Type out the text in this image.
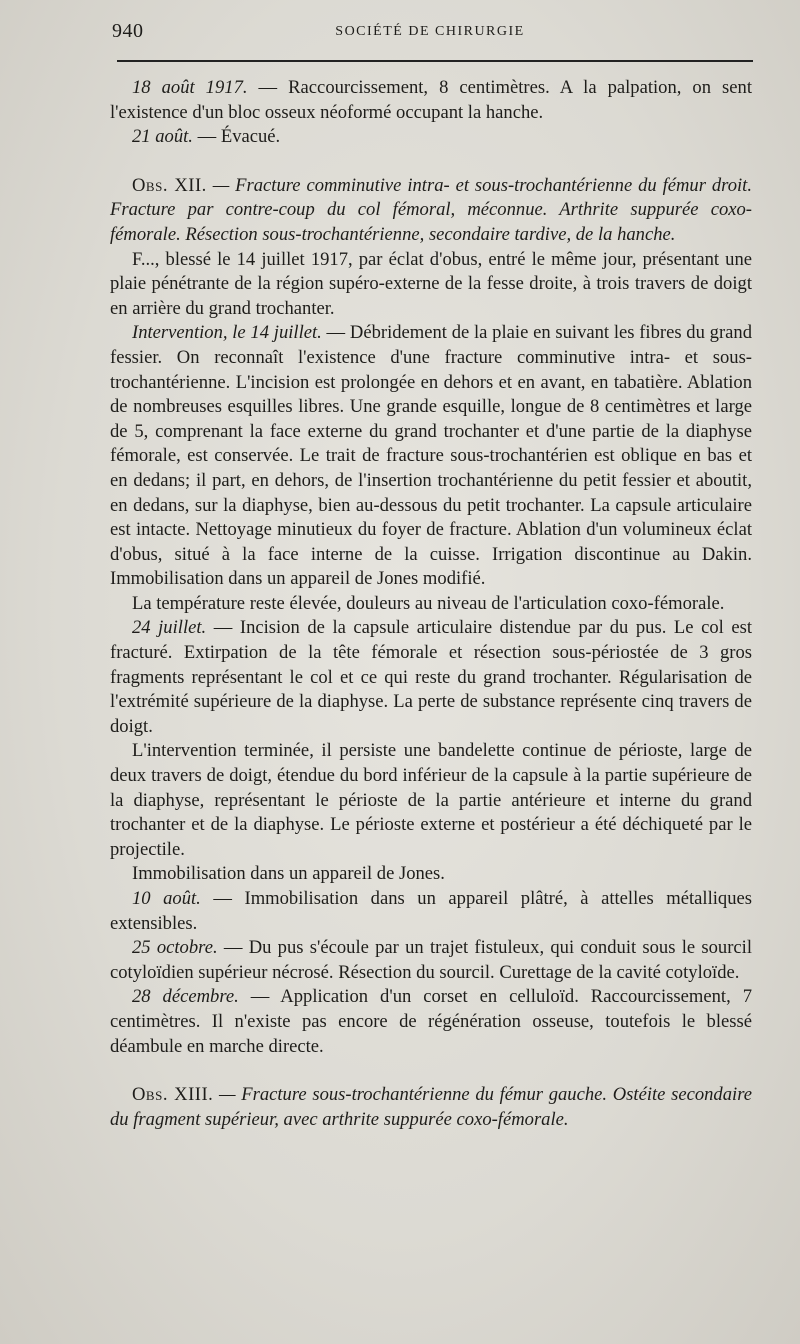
940	SOCIÉTÉ DE CHIRURGIE

18 août 1917. — Raccourcissement, 8 centimètres. A la palpation, on sent l'existence d'un bloc osseux néoformé occupant la hanche.

21 août. — Évacué.

Obs. XII. — Fracture comminutive intra- et sous-trochantérienne du fémur droit. Fracture par contre-coup du col fémoral, méconnue. Arthrite suppurée coxo-fémorale. Résection sous-trochantérienne, secondaire tardive, de la hanche.

F..., blessé le 14 juillet 1917, par éclat d'obus, entré le même jour, présentant une plaie pénétrante de la région supéro-externe de la fesse droite, à trois travers de doigt en arrière du grand trochanter.

Intervention, le 14 juillet. — Débridement de la plaie en suivant les fibres du grand fessier. On reconnaît l'existence d'une fracture comminutive intra- et sous-trochantérienne. L'incision est prolongée en dehors et en avant, en tabatière. Ablation de nombreuses esquilles libres. Une grande esquille, longue de 8 centimètres et large de 5, comprenant la face externe du grand trochanter et d'une partie de la diaphyse fémorale, est conservée. Le trait de fracture sous-trochantérien est oblique en bas et en dedans; il part, en dehors, de l'insertion trochantérienne du petit fessier et aboutit, en dedans, sur la diaphyse, bien au-dessous du petit trochanter. La capsule articulaire est intacte. Nettoyage minutieux du foyer de fracture. Ablation d'un volumineux éclat d'obus, situé à la face interne de la cuisse. Irrigation discontinue au Dakin. Immobilisation dans un appareil de Jones modifié.

La température reste élevée, douleurs au niveau de l'articulation coxo-fémorale.

24 juillet. — Incision de la capsule articulaire distendue par du pus. Le col est fracturé. Extirpation de la tête fémorale et résection sous-périostée de 3 gros fragments représentant le col et ce qui reste du grand trochanter. Régularisation de l'extrémité supérieure de la diaphyse. La perte de substance représente cinq travers de doigt.

L'intervention terminée, il persiste une bandelette continue de périoste, large de deux travers de doigt, étendue du bord inférieur de la capsule à la partie supérieure de la diaphyse, représentant le périoste de la partie antérieure et interne du grand trochanter et de la diaphyse. Le périoste externe et postérieur a été déchiqueté par le projectile.

Immobilisation dans un appareil de Jones.

10 août. — Immobilisation dans un appareil plâtré, à attelles métalliques extensibles.

25 octobre. — Du pus s'écoule par un trajet fistuleux, qui conduit sous le sourcil cotyloïdien supérieur nécrosé. Résection du sourcil. Curettage de la cavité cotyloïde.

28 décembre. — Application d'un corset en celluloïd. Raccourcissement, 7 centimètres. Il n'existe pas encore de régénération osseuse, toutefois le blessé déambule en marche directe.

Obs. XIII. — Fracture sous-trochantérienne du fémur gauche. Ostéite secondaire du fragment supérieur, avec arthrite suppurée coxo-fémorale.
